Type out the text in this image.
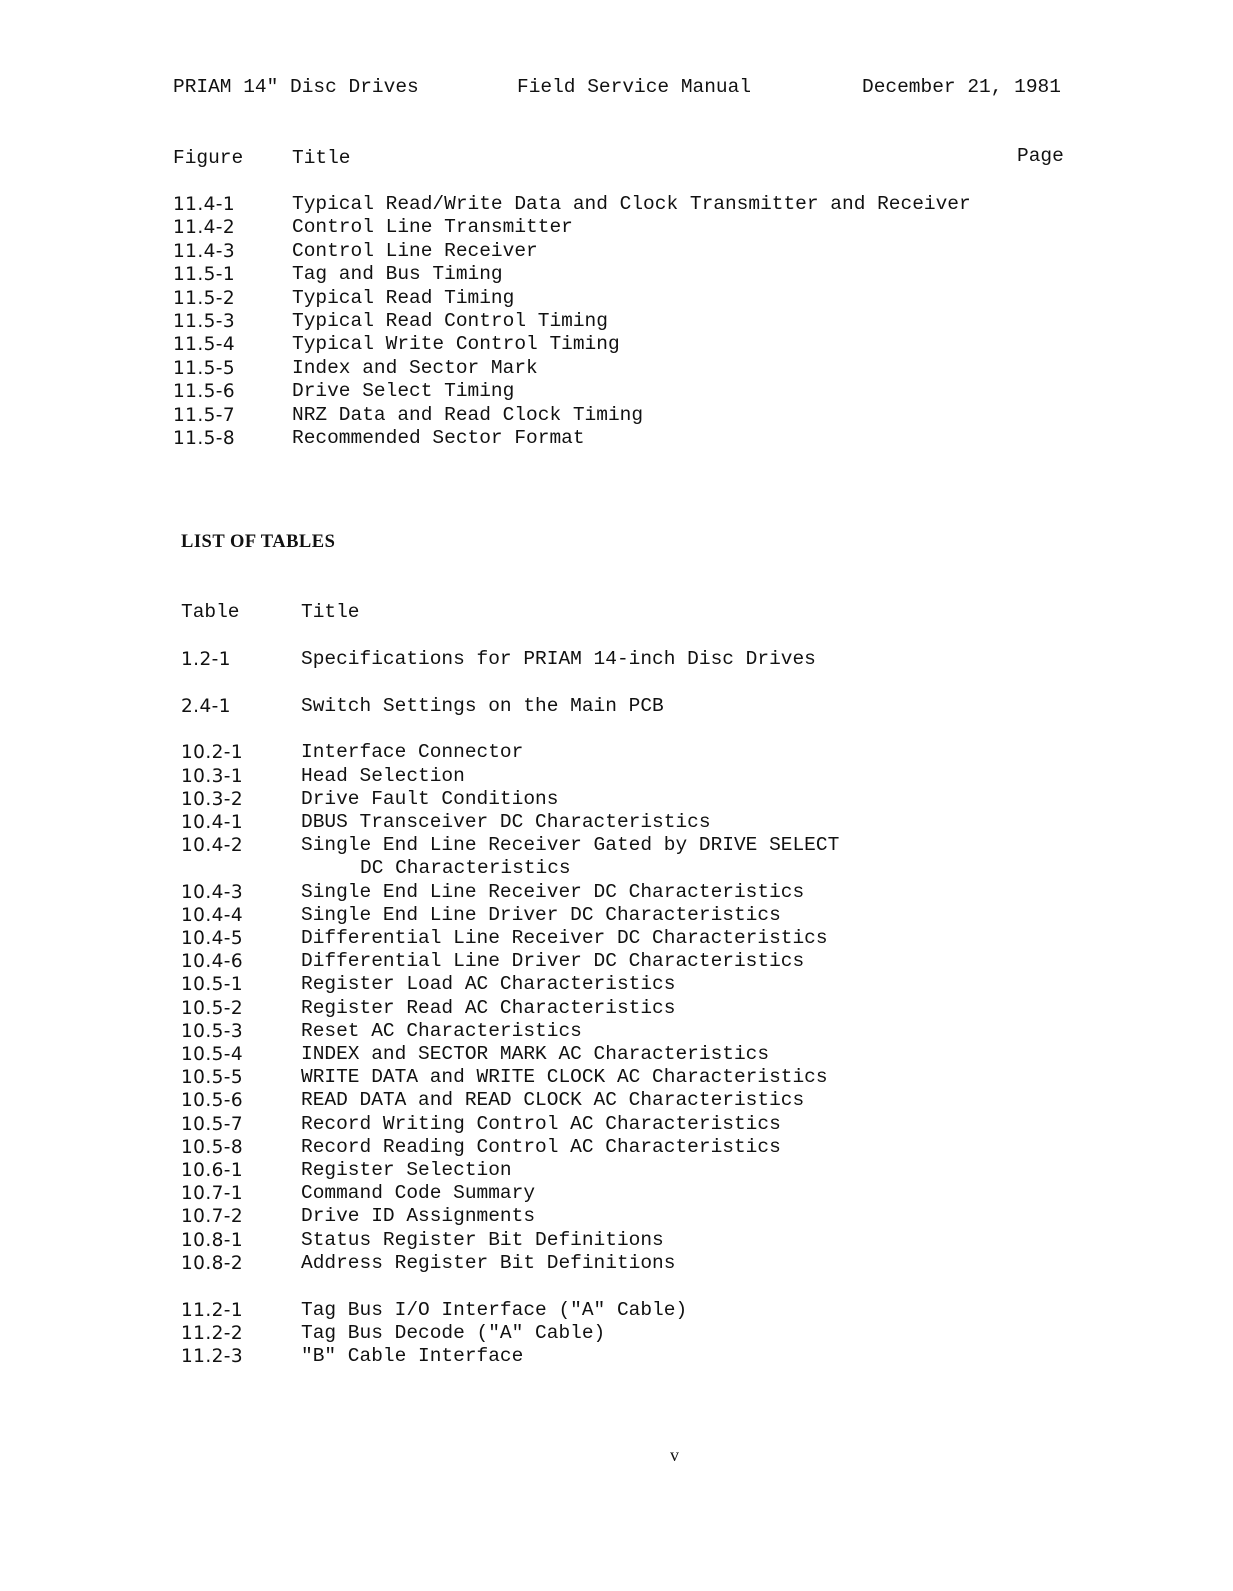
PRIAM 14" Disc Drives	Field Service Manual	December 21, 1981
Figure	Title	Page
11.4-1	Typical Read/Write Data and Clock Transmitter and Receiver
11.4-2	Control Line Transmitter
11.4-3	Control Line Receiver
11.5-1	Tag and Bus Timing
11.5-2	Typical Read Timing
11.5-3	Typical Read Control Timing
11.5-4	Typical Write Control Timing
11.5-5	Index and Sector Mark
11.5-6	Drive Select Timing
11.5-7	NRZ Data and Read Clock Timing
11.5-8	Recommended Sector Format
LIST OF TABLES
Table	Title
1.2-1	Specifications for PRIAM 14-inch Disc Drives
2.4-1	Switch Settings on the Main PCB
10.2-1	Interface Connector
10.3-1	Head Selection
10.3-2	Drive Fault Conditions
10.4-1	DBUS Transceiver DC Characteristics
10.4-2	Single End Line Receiver Gated by DRIVE SELECT
DC Characteristics
10.4-3	Single End Line Receiver DC Characteristics
10.4-4	Single End Line Driver DC Characteristics
10.4-5	Differential Line Receiver DC Characteristics
10.4-6	Differential Line Driver DC Characteristics
10.5-1	Register Load AC Characteristics
10.5-2	Register Read AC Characteristics
10.5-3	Reset AC Characteristics
10.5-4	INDEX and SECTOR MARK AC Characteristics
10.5-5	WRITE DATA and WRITE CLOCK AC Characteristics
10.5-6	READ DATA and READ CLOCK AC Characteristics
10.5-7	Record Writing Control AC Characteristics
10.5-8	Record Reading Control AC Characteristics
10.6-1	Register Selection
10.7-1	Command Code Summary
10.7-2	Drive ID Assignments
10.8-1	Status Register Bit Definitions
10.8-2	Address Register Bit Definitions
11.2-1	Tag Bus I/O Interface ("A" Cable)
11.2-2	Tag Bus Decode ("A" Cable)
11.2-3	"B" Cable Interface
v
